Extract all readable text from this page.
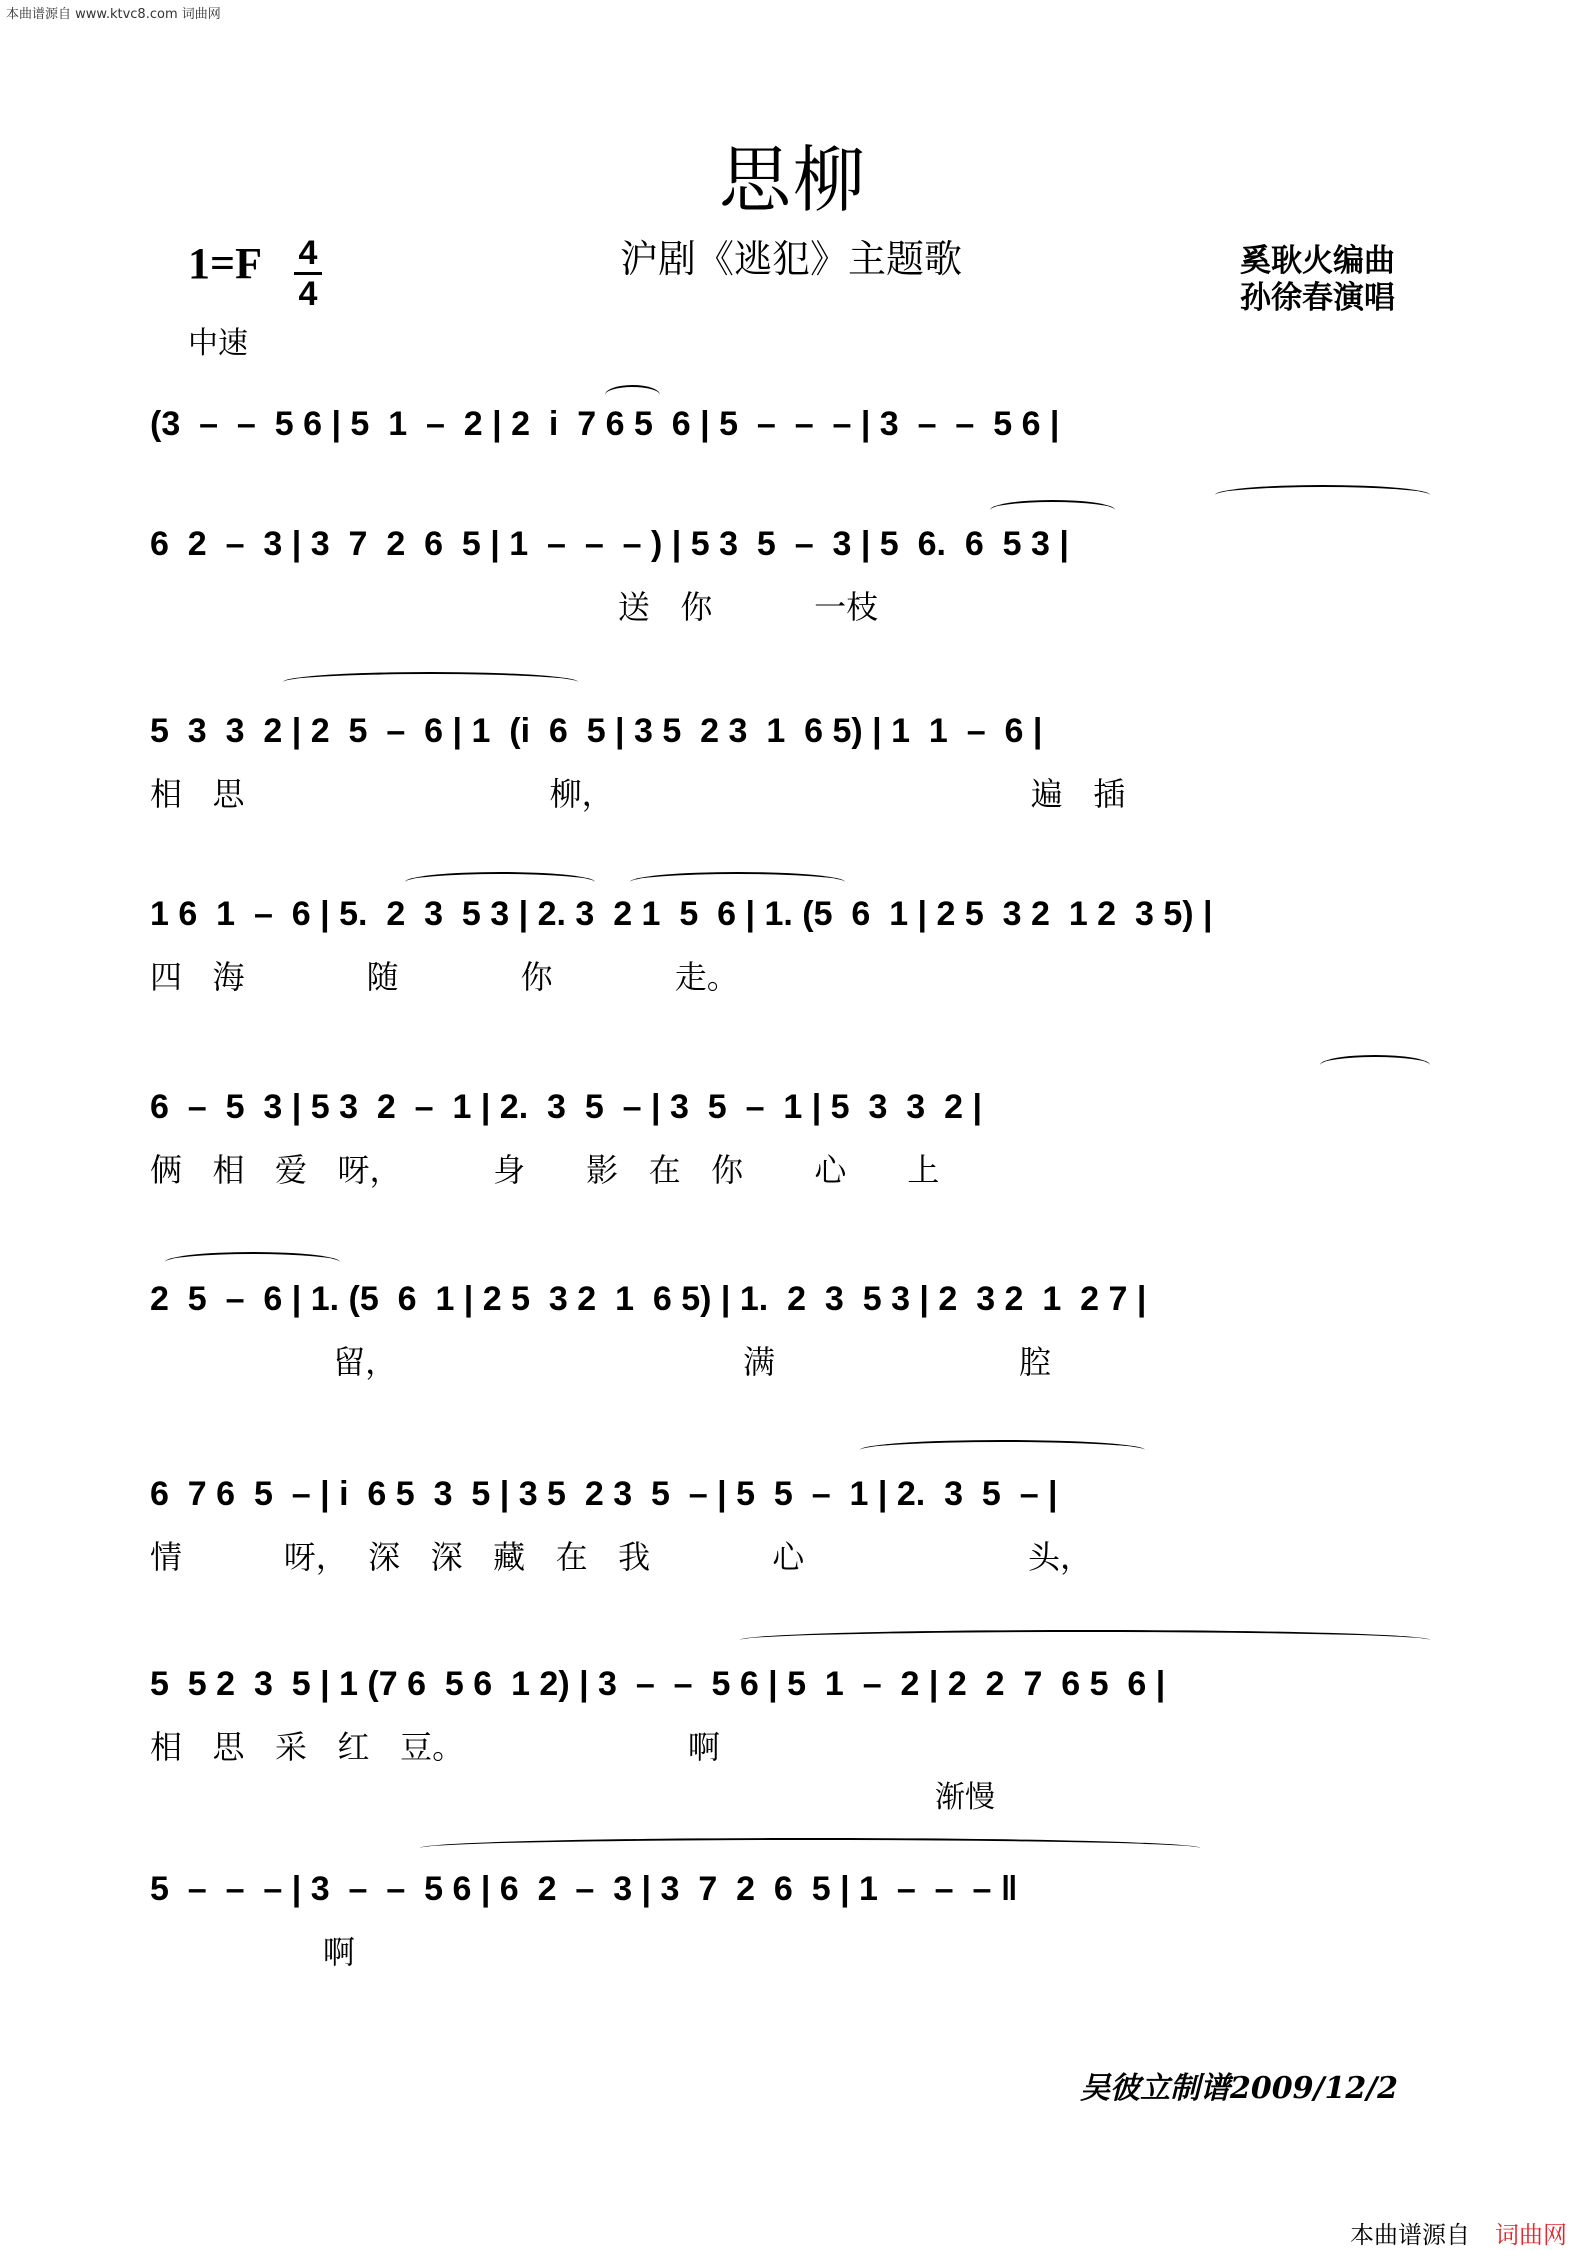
本曲谱源自 www.ktvc8.com 词曲网
思柳
1=F	4
4
中速
沪剧《逃犯》主题歌	奚耿火编曲
孙徐春演唱
(3  –  –  5 6 | 5  1  –  2 | 2  i  7 6 5  6 | 5  –  –  – | 3  –  –  5 6 |
6  2  –  3 | 3  7  2  6  5 | 1  –  –  – ) | 5 3  5  –  3 | 5  6.  6  5 3 |
送   你          一枝
5  3  3  2 | 2  5  –  6 | 1  (i  6  5 | 3 5  2 3  1  6 5) | 1  1  –  6 |
相   思                              柳，                                         遍   插
1 6  1  –  6 | 5.  2  3  5 3 | 2. 3  2 1  5  6 | 1. (5  6  1 | 2 5  3 2  1 2  3 5) |
四   海            随            你            走。
6  –  5  3 | 5 3  2  –  1 | 2.  3  5  – | 3  5  –  1 | 5  3  3  2 |
俩   相   爱   呀，         身      影   在   你       心      上
2  5  –  6 | 1. (5  6  1 | 2 5  3 2  1  6 5) | 1.  2  3  5 3 | 2  3 2  1  2 7 |
留，                                  满                        腔
6  7 6  5  – | i  6 5  3  5 | 3 5  2 3  5  – | 5  5  –  1 | 2.  3  5  – |
情          呀，  深   深   藏   在   我            心                      头，
5  5 2  3  5 | 1 (7 6  5 6  1 2) | 3  –  –  5 6 | 5  1  –  2 | 2  2  7  6 5  6 |
相   思   采   红   豆。                      啊
渐慢
5  –  –  – | 3  –  –  5 6 | 6  2  –  3 | 3  7  2  6  5 | 1  –  –  – ‖
啊
吴彼立制谱2009/12/2
本曲谱源自 词曲网
